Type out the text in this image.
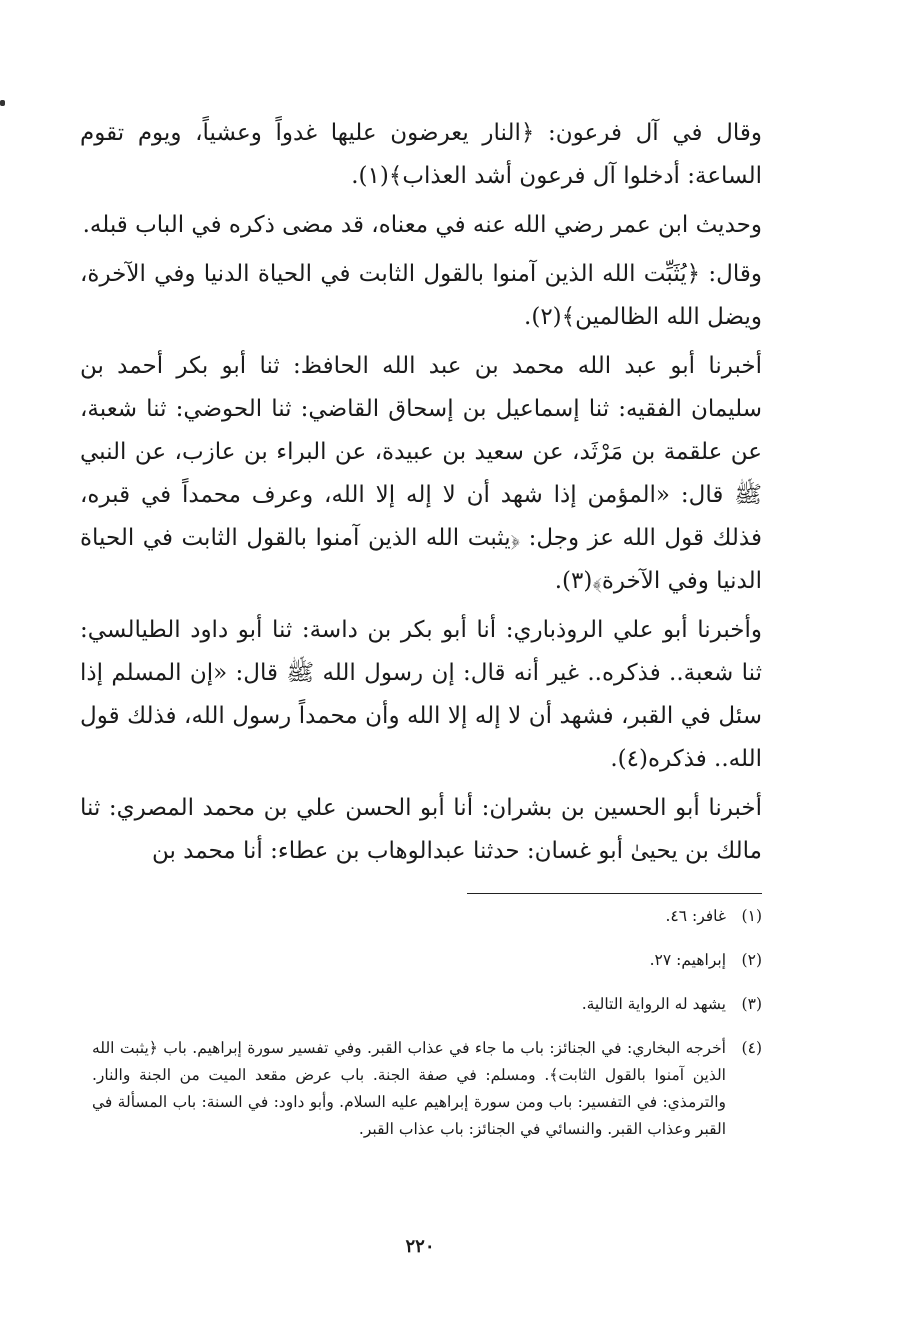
وقال في آل فرعون: ﴿النار يعرضون عليها غدواً وعشياً، ويوم تقوم الساعة: أدخلوا آل فرعون أشد العذاب﴾(١).

وحديث ابن عمر رضي الله عنه في معناه، قد مضى ذكره في الباب قبله.

وقال: ﴿يُثَبِّت الله الذين آمنوا بالقول الثابت في الحياة الدنيا وفي الآخرة، ويضل الله الظالمين﴾(٢).

أخبرنا أبو عبد الله محمد بن عبد الله الحافظ: ثنا أبو بكر أحمد بن سليمان الفقيه: ثنا إسماعيل بن إسحاق القاضي: ثنا الحوضي: ثنا شعبة، عن علقمة بن مَرْثَد، عن سعيد بن عبيدة، عن البراء بن عازب، عن النبي ﷺ قال: «المؤمن إذا شهد أن لا إله إلا الله، وعرف محمداً في قبره، فذلك قول الله عز وجل: ﴿يثبت الله الذين آمنوا بالقول الثابت في الحياة الدنيا وفي الآخرة﴾(٣).

وأخبرنا أبو علي الروذباري: أنا أبو بكر بن داسة: ثنا أبو داود الطيالسي: ثنا شعبة.. فذكره.. غير أنه قال: إن رسول الله ﷺ قال: «إن المسلم إذا سئل في القبر، فشهد أن لا إله إلا الله وأن محمداً رسول الله، فذلك قول الله.. فذكره(٤).

أخبرنا أبو الحسين بن بشران: أنا أبو الحسن علي بن محمد المصري: ثنا مالك بن يحيىٰ أبو غسان: حدثنا عبدالوهاب بن عطاء: أنا محمد بن

(١)
غافر: ٤٦.
(٢)
إبراهيم: ٢٧.
(٣)
يشهد له الرواية التالية.
(٤)
أخرجه البخاري: في الجنائز: باب ما جاء في عذاب القبر. وفي تفسير سورة إبراهيم. باب ﴿يثبت الله الذين آمنوا بالقول الثابت﴾. ومسلم: في صفة الجنة. باب عرض مقعد الميت من الجنة والنار. والترمذي: في التفسير: باب ومن سورة إبراهيم عليه السلام. وأبو داود: في السنة: باب المسألة في القبر وعذاب القبر. والنسائي في الجنائز: باب عذاب القبر.
٢٢٠
